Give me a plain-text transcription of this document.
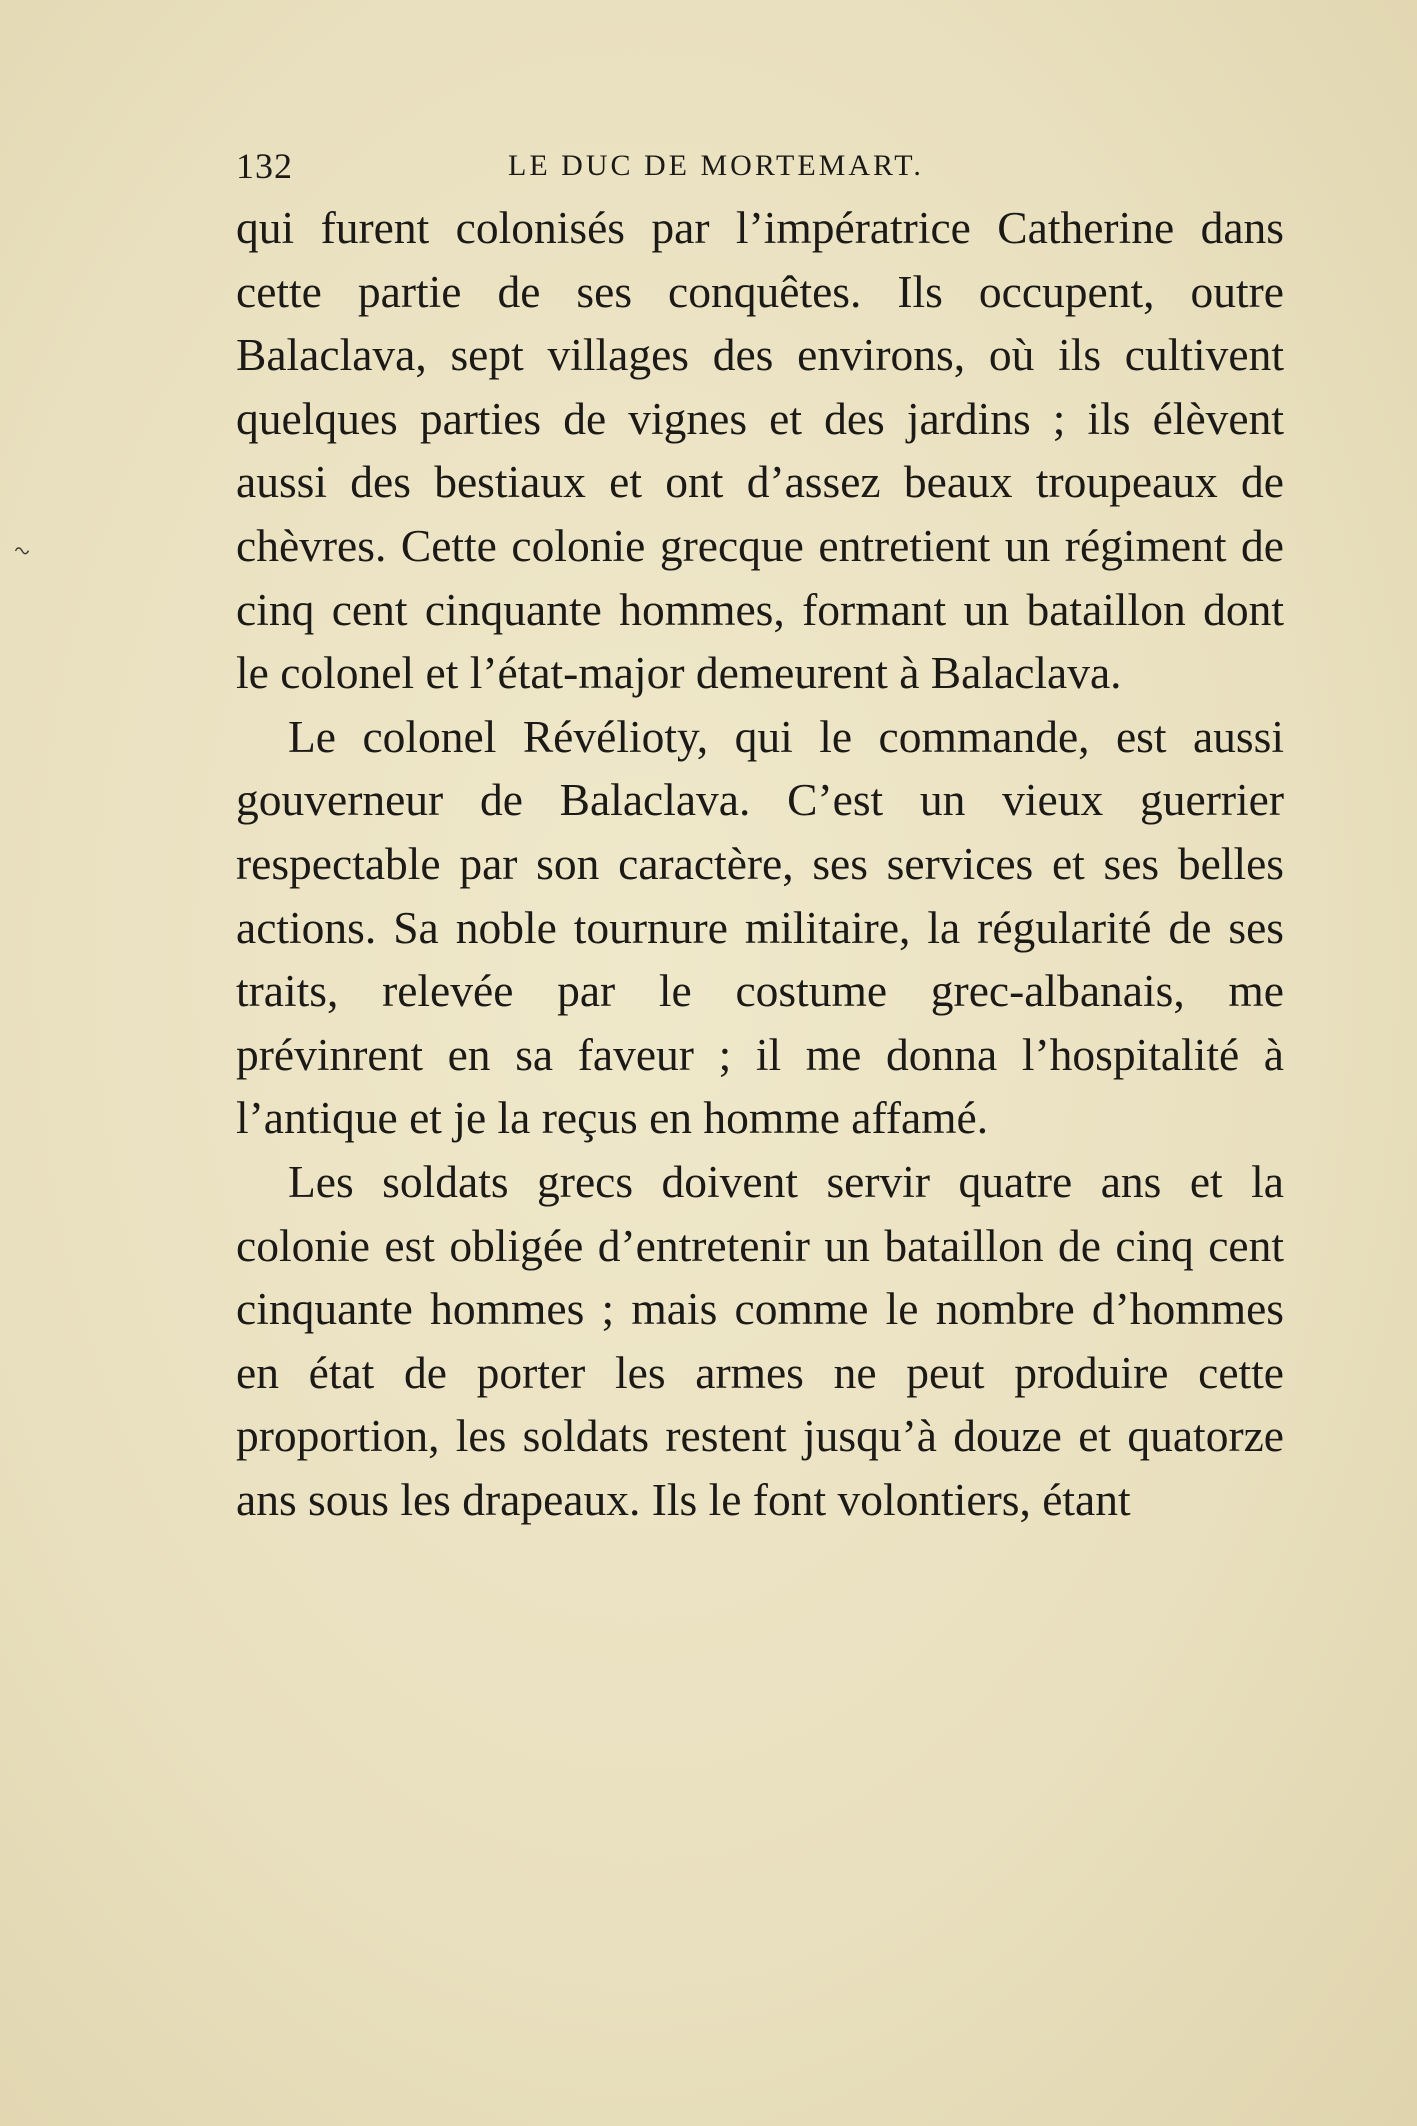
~
132	LE DUC DE MORTEMART.

qui furent colonisés par l’impératrice Catherine dans cette partie de ses conquêtes. Ils occupent, outre Balaclava, sept villages des environs, où ils cultivent quelques parties de vignes et des jardins ; ils élèvent aussi des bestiaux et ont d’assez beaux troupeaux de chèvres. Cette colonie grecque entretient un régiment de cinq cent cinquante hommes, formant un bataillon dont le colonel et l’état-major demeurent à Balaclava.

Le colonel Révélioty, qui le commande, est aussi gouverneur de Balaclava. C’est un vieux guerrier respectable par son caractère, ses services et ses belles actions. Sa noble tournure militaire, la régularité de ses traits, relevée par le costume grec-albanais, me prévinrent en sa faveur ; il me donna l’hospitalité à l’antique et je la reçus en homme affamé.

Les soldats grecs doivent servir quatre ans et la colonie est obligée d’entretenir un bataillon de cinq cent cinquante hommes ; mais comme le nombre d’hommes en état de porter les armes ne peut produire cette proportion, les soldats restent jusqu’à douze et quatorze ans sous les drapeaux. Ils le font volontiers, étant
